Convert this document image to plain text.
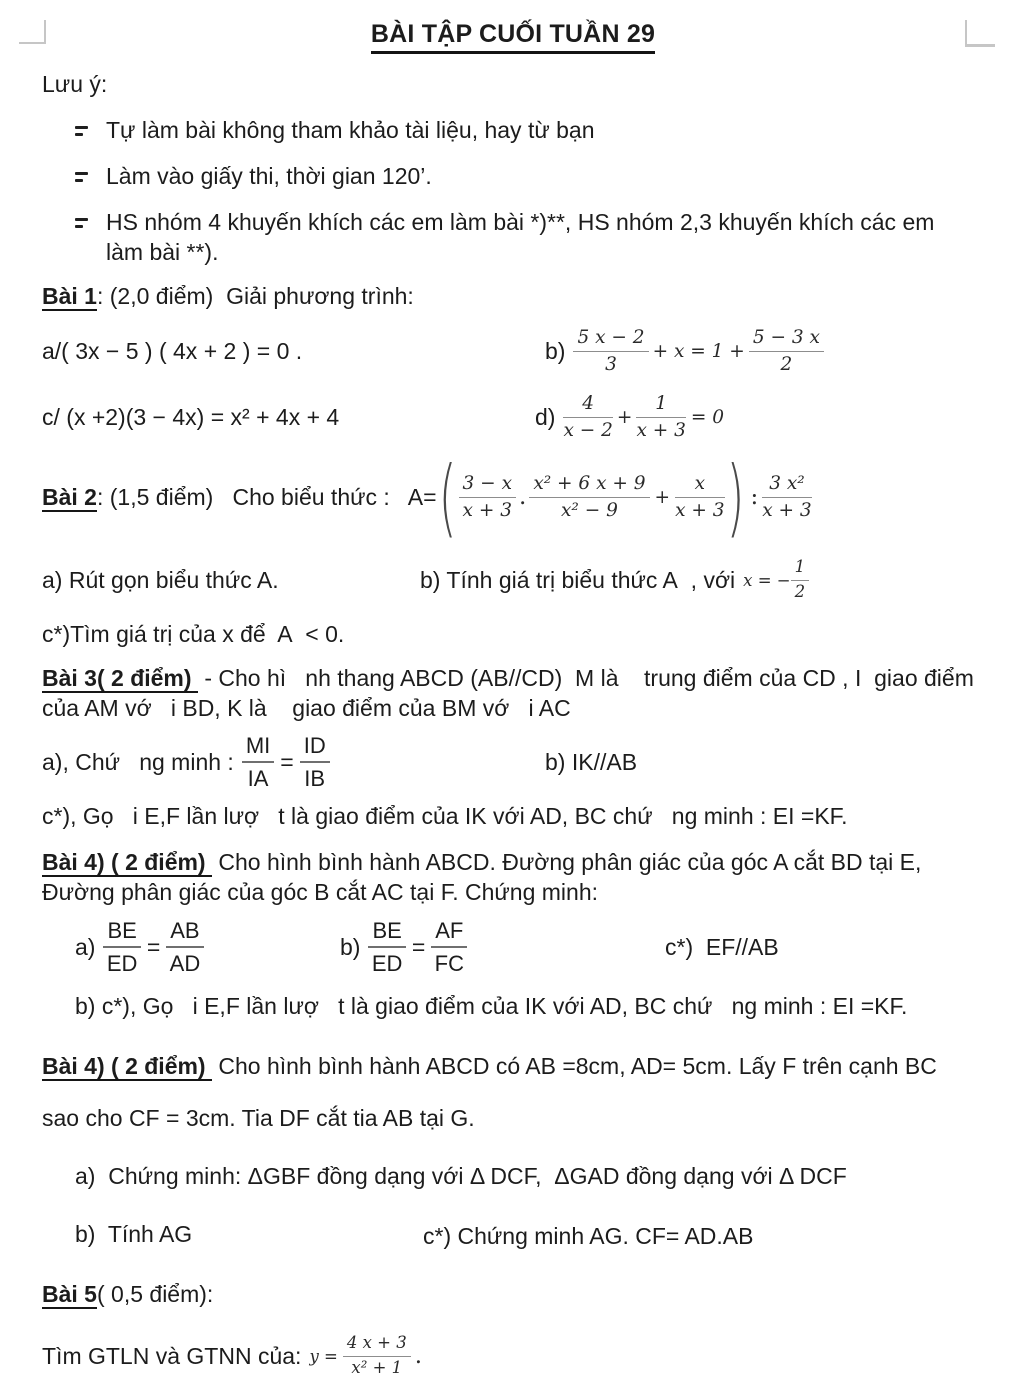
BÀI TẬP CUỐI TUẦN 29

Lưu ý:

Tự làm bài không tham khảo tài liệu, hay từ bạn
Làm vào giấy thi, thời gian 120’.
HS nhóm 4 khuyến khích các em làm bài *)**, HS nhóm 2,3 khuyến khích các em làm bài **).

Bài 1: (2,0 điểm)  Giải phương trình:

a/( 3x − 5 ) ( 4x + 2 ) = 0 .	$b) \frac{5 x - 2}{3} + x = 1 + \frac{5 - 3 x}{2}$
c/ (x +2)(3 − 4x) = x² + 4x + 4	$d) \frac{4}{x - 2} + \frac{1}{x + 3} = 0$
Bài 2: (1,5 điểm)   Cho biểu thức : A= ( $\frac{3 - x}{x + 3}$ . $\frac{\text{x² + 6 x + 9}}{\text{x² − 9}} + \frac{x}{x + 3}$ ) : $\frac{\text{3 x²}}{x + 3}$
a) Rút gọn biểu thức A.	b) Tính giá trị biểu thức A  , với x = − $\frac{1}{2}$

c*)Tìm giá trị của x để  A  < 0.

Bài 3( 2 điểm)  - Cho hì   nh thang ABCD (AB//CD)  M là    trung điểm của CD , I  giao điểm của AM vớ   i BD, K là    giao điểm của BM vớ   i AC

a), Chứ   ng minh : $\frac{MI}{IA} = \frac{ID}{IB}$	b) IK//AB

c*), Gọ   i E,F lần lượ   t là giao điểm của IK với AD, BC chứ   ng minh : EI =KF.

Bài 4) ( 2 điểm)  Cho hình bình hành ABCD. Đường phân giác của góc A cắt BD tại E, Đường phân giác của góc B cắt AC tại F. Chứng minh:

$a) \frac{BE}{ED} = \frac{AB}{AD}$	$b) \frac{BE}{ED} = \frac{AF}{FC}$	c*)  EF//AB

b) c*), Gọ   i E,F lần lượ   t là giao điểm của IK với AD, BC chứ   ng minh : EI =KF.

Bài 4) ( 2 điểm)  Cho hình bình hành ABCD có AB =8cm, AD= 5cm. Lấy F trên cạnh BC

sao cho CF = 3cm. Tia DF cắt tia AB tại G.

a)  Chứng minh: ΔGBF đồng dạng với Δ DCF,  ΔGAD đồng dạng với Δ DCF

b)  Tính AG	c*) Chứng minh AG. CF= AD.AB

Bài 5( 0,5 điểm):

Tìm GTLN và GTNN của: $y = \frac{4 x + 3}{\text{x² + 1}}$ .
